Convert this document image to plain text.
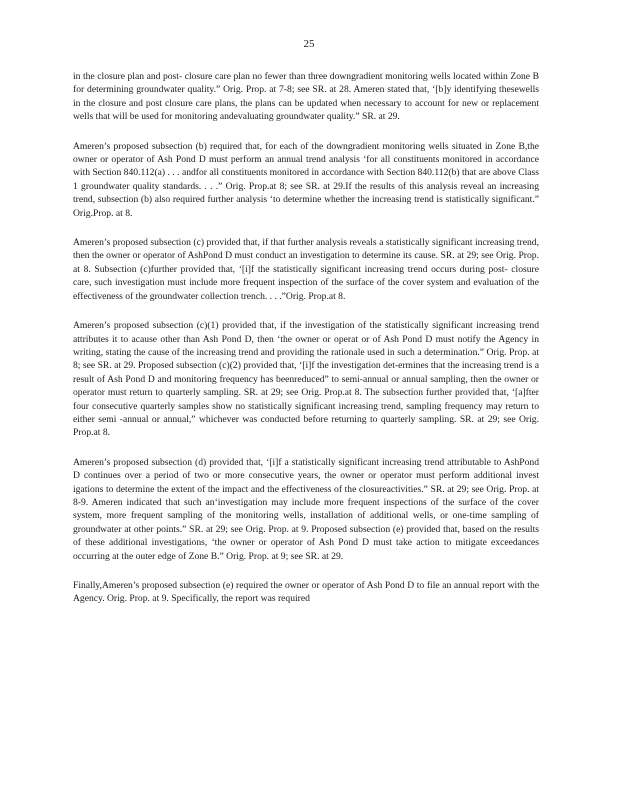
25

in the closure plan and post- closure care plan no fewer than three downgradient monitoring wells located within Zone B for determining groundwater quality.” Orig. Prop. at 7-8; see SR. at 28. Ameren stated that, ‘[b]y identifying thesewells in the closure and post closure care plans, the plans can be updated when necessary to account for new or replacement wells that will be used for monitoring andevaluating groundwater quality.” SR. at 29.

Ameren’s proposed subsection (b) required that, for each of the downgradient monitoring wells situated in Zone B,the owner or operator of Ash Pond D must perform an annual trend analysis ‘for all constituents monitored in accordance with Section 840.112(a) . . . andfor all constituents monitored in accordance with Section 840.112(b) that are above Class 1 groundwater quality standards. . . .” Orig. Prop.at 8; see SR. at 29.If the results of this analysis reveal an increasing trend, subsection (b) also required further analysis ‘to determine whether the increasing trend is statistically significant.” Orig.Prop. at 8.

Ameren’s proposed subsection (c) provided that, if that further analysis reveals a statistically significant increasing trend, then the owner or operator of AshPond D must conduct an investigation to determine its cause. SR. at 29; see Orig. Prop. at 8. Subsection (c)further provided that, ‘[i]f the statistically significant increasing trend occurs during post- closure care, such investigation must include more frequent inspection of the surface of the cover system and evaluation of the effectiveness of the groundwater collection trench. . . .”Orig. Prop.at 8.

Ameren’s proposed subsection (c)(1) provided that, if the investigation of the statistically significant increasing trend attributes it to acause other than Ash Pond D, then ‘the owner or operat or of Ash Pond D must notify the Agency in writing, stating the cause of the increasing trend and providing the rationale used in such a determination.” Orig. Prop. at 8; see SR. at 29. Proposed subsection (c)(2) provided that, ‘[i]f the investigation det-ermines that the increasing trend is a result of Ash Pond D and monitoring frequency has beenreduced” to semi-annual or annual sampling, then the owner or operator must return to quarterly sampling. SR. at 29; see Orig. Prop.at 8. The subsection further provided that, ‘[a]fter four consecutive quarterly samples show no statistically significant increasing trend, sampling frequency may return to either semi -annual or annual,” whichever was conducted before returning to quarterly sampling. SR. at 29; see Orig. Prop.at 8.

Ameren’s proposed subsection (d) provided that, ‘[i]f a statistically significant increasing trend attributable to AshPond D continues over a period of two or more consecutive years, the owner or operator must perform additional invest igations to determine the extent of the impact and the effectiveness of the closureactivities.” SR. at 29; see Orig. Prop. at 8-9. Ameren indicated that such an‘investigation may include more frequent inspections of the surface of the cover system, more frequent sampling of the monitoring wells, installation of additional wells, or one-time sampling of groundwater at other points.” SR. at 29; see Orig. Prop. at 9. Proposed subsection (e) provided that, based on the results of these additional investigations, ‘the owner or operator of Ash Pond D must take action to mitigate exceedances occurring at the outer edge of Zone B.” Orig. Prop. at 9; see SR. at 29.

Finally,Ameren’s proposed subsection (e) required the owner or operator of Ash Pond D to file an annual report with the Agency. Orig. Prop. at 9. Specifically, the report was required
